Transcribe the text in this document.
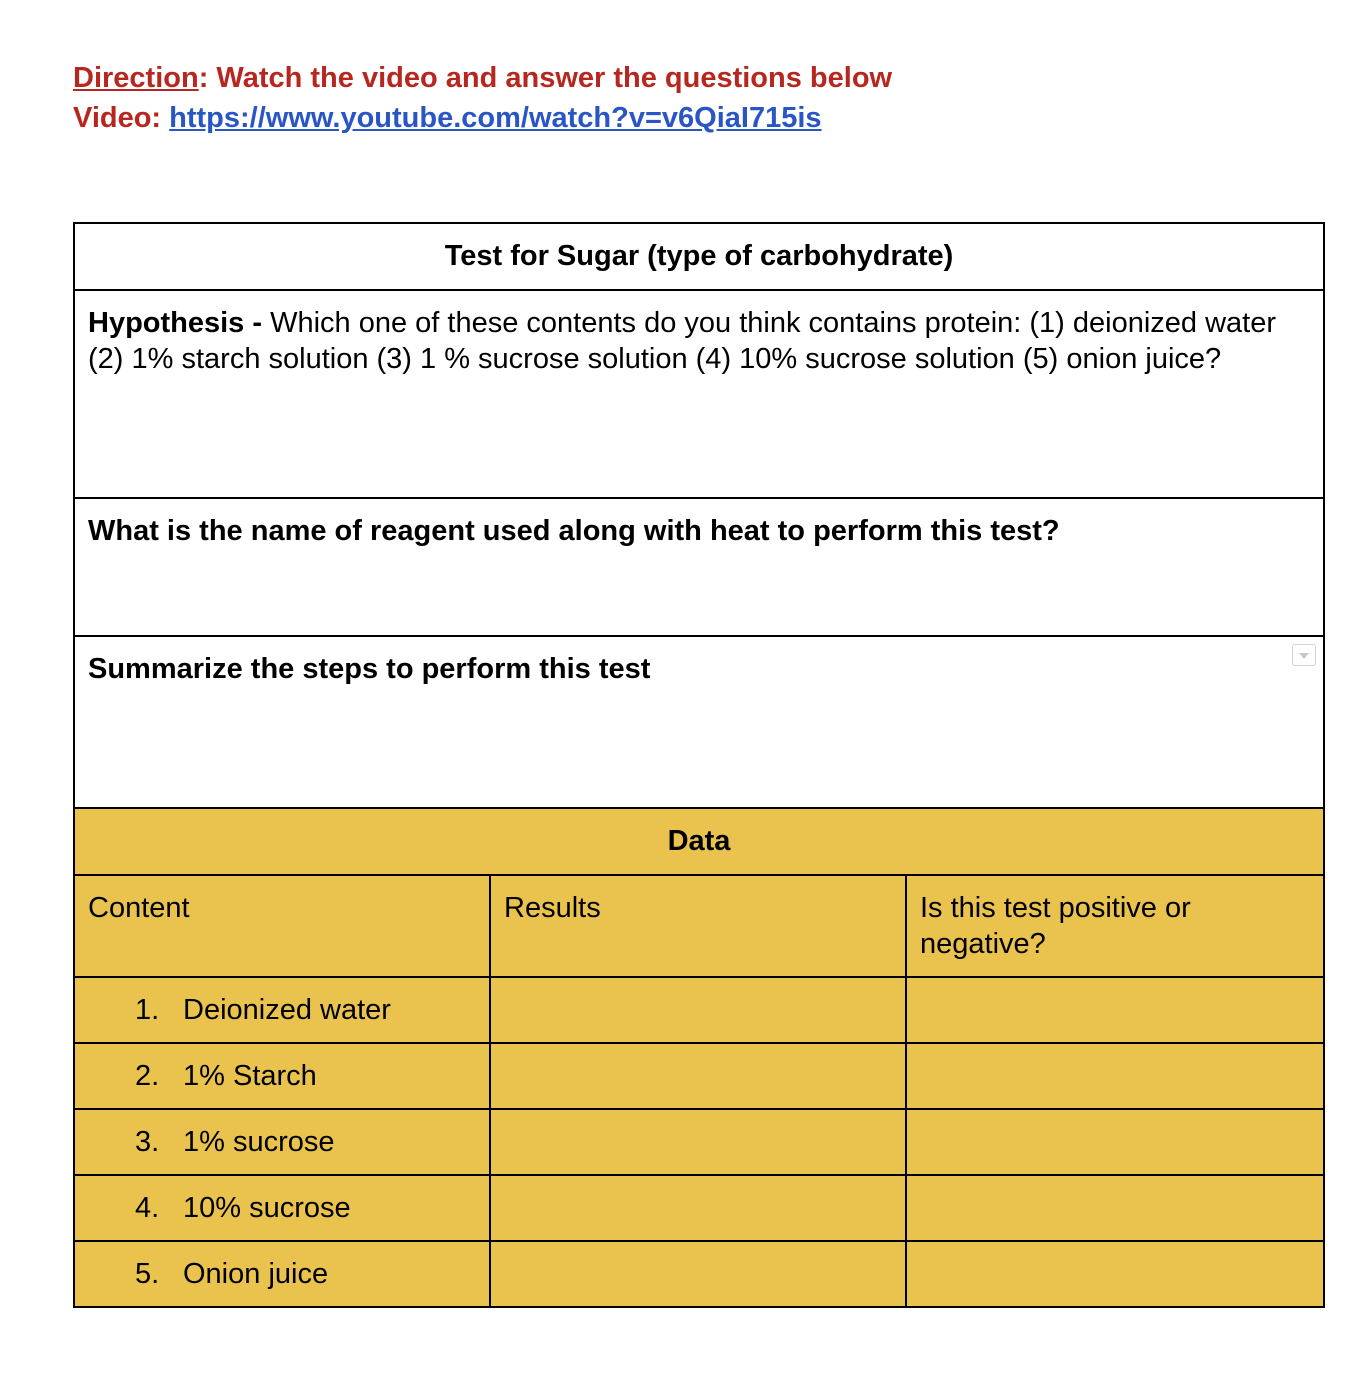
Direction: Watch the video and answer the questions below
Video: https://www.youtube.com/watch?v=v6QiaI715is
Test for Sugar (type of carbohydrate)		
Hypothesis - Which one of these contents do you think contains protein: (1) deionized water (2) 1% starch solution (3) 1 % sucrose solution (4) 10% sucrose solution (5) onion juice?		
What is the name of reagent used along with heat to perform this test?		
Summarize the steps to perform this test		

Data		
Content	Results	Is this test positive or negative?
1. Deionized water		
2. 1% Starch		
3. 1% sucrose		
4. 10% sucrose		
5. Onion juice		
